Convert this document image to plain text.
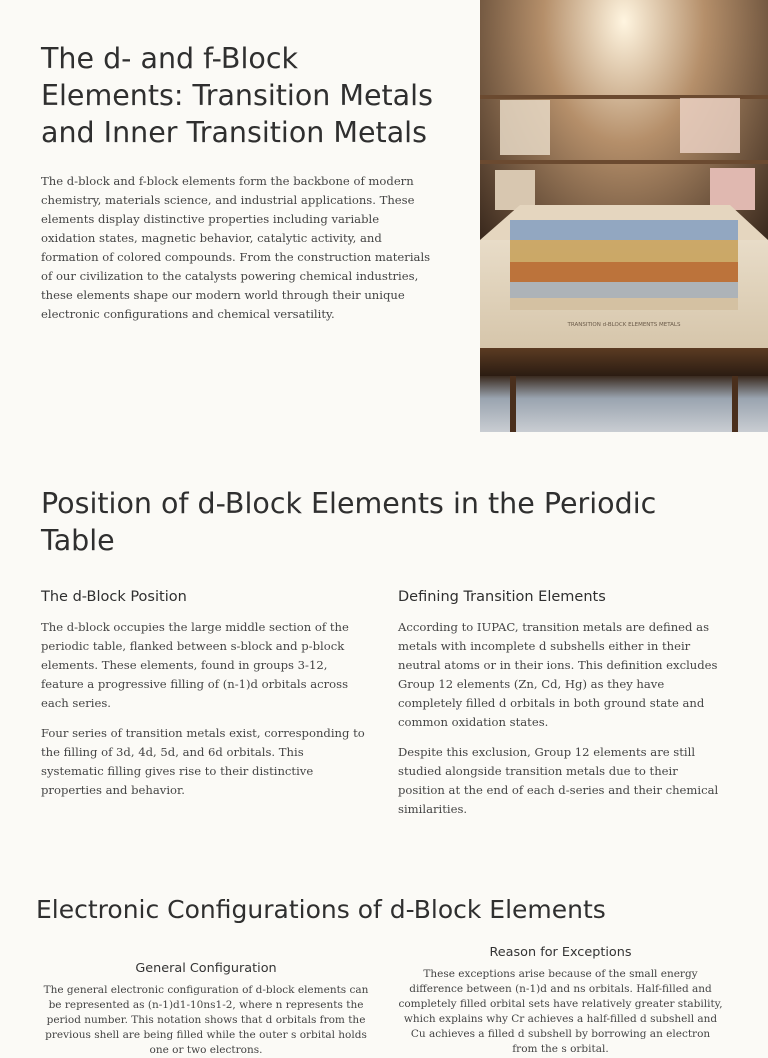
The d- and f-Block Elements: Transition Metals and Inner Transition Metals

The d-block and f-block elements form the backbone of modern chemistry, materials science, and industrial applications. These elements display distinctive properties including variable oxidation states, magnetic behavior, catalytic activity, and formation of colored compounds. From the construction materials of our civilization to the catalysts powering chemical industries, these elements shape our modern world through their unique electronic configurations and chemical versatility.

TRANSITION d-BLOCK ELEMENTS METALS
Position of d-Block Elements in the Periodic Table
The d-Block Position

The d-block occupies the large middle section of the periodic table, flanked between s-block and p-block elements. These elements, found in groups 3-12, feature a progressive filling of (n-1)d orbitals across each series.

Four series of transition metals exist, corresponding to the filling of 3d, 4d, 5d, and 6d orbitals. This systematic filling gives rise to their distinctive properties and behavior.

Defining Transition Elements

According to IUPAC, transition metals are defined as metals with incomplete d subshells either in their neutral atoms or in their ions. This definition excludes Group 12 elements (Zn, Cd, Hg) as they have completely filled d orbitals in both ground state and common oxidation states.

Despite this exclusion, Group 12 elements are still studied alongside transition metals due to their position at the end of each d-series and their chemical similarities.

Electronic Configurations of d-Block Elements
General Configuration

The general electronic configuration of d-block elements can be represented as (n-1)d1-10ns1-2, where n represents the period number. This notation shows that d orbitals from the previous shell are being filled while the outer s orbital holds one or two electrons.

Reason for Exceptions

These exceptions arise because of the small energy difference between (n-1)d and ns orbitals. Half-filled and completely filled orbital sets have relatively greater stability, which explains why Cr achieves a half-filled d subshell and Cu achieves a filled d subshell by borrowing an electron from the s orbital.
